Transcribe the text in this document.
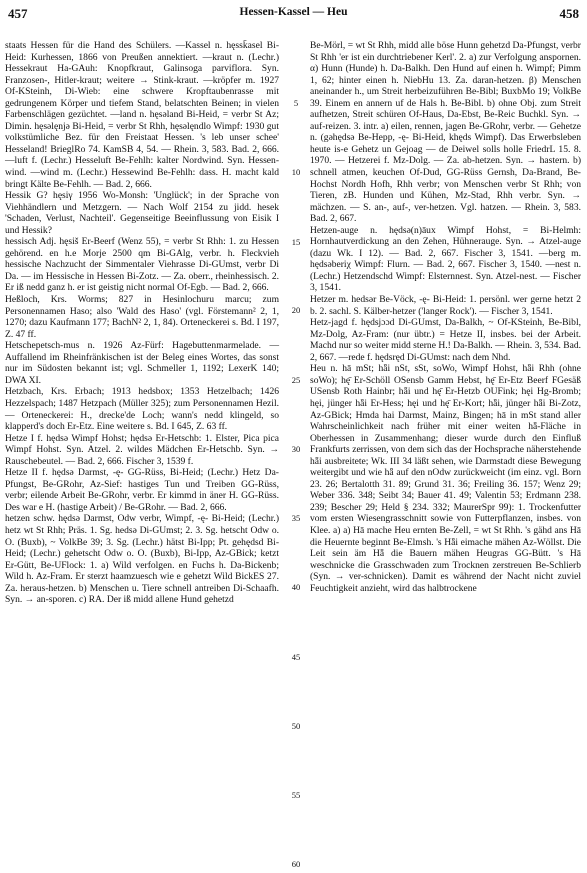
457	Hessen-Kassel — Heu	458

staats Hessen für die Hand des Schülers. —Kassel n. hęssk̄asel Bi-Heid: Kurhessen, 1866 von Preußen annektiert. —kraut n. (Lechr.) Hessekraut Ha-GAuh: Knopfkraut, Galinsoga parviflora. Syn. Franzosen-, Hitler-kraut; weitere → Stink-kraut. —kröpfer m. 1927 Of-KSteinh, Di-Wieb: eine schwere Kropftaubenrasse mit gedrungenem Körper und tiefem Stand, belatschten Beinen; in vielen Farbenschlägen gezüchtet. —land n. hęsəland Bi-Heid, = verbr St Az; Dimin. hęsəlęnjə Bi-Heid, = verbr St Rhh, hęsəlęndlo Wimpf: 1930 gut volkstümliche Bez. für den Freistaat Hessen. 's leb unser schee' Hesseland! BrieglRo 74. KamSB 4, 54. — Rhein. 3, 583. Bad. 2, 666. —luft f. (Lechr.) Hesseluft Be-Fehlh: kalter Nordwind. Syn. Hessen-wind. —wind m. (Lechr.) Hessewind Be-Fehlh: dass. H. macht kald bringt Kälte Be-Fehlh. — Bad. 2, 666.

Hessik G? hęsiγ 1956 Wo-Monsh: 'Unglück'; in der Sprache von Viehhändlern und Metzgern. — Nach Wolf 2154 zu jidd. hesek 'Schaden, Verlust, Nachteil'. Gegenseitige Beeinflussung von Eisik I und Hessik?

hessisch Adj. hęsiš Er-Beerf (Wenz 55), = verbr St Rhh: 1. zu Hessen gehörend. en h.e Morje 2500 qm Bi-GAlg, verbr. h. Fleckvieh hessische Nachzucht der Simmentaler Viehrasse Di-GUmst, verbr Di Da. — im Hessische in Hessen Bi-Zotz. — Za. oberr., rheinhessisch. 2. Er iß nedd ganz h. er ist geistig nicht normal Of-Egb. — Bad. 2, 666.

Heßloch, Krs. Worms; 827 in Hesinlochuru marcu; zum Personennamen Haso; also 'Wald des Haso' (vgl. Förstemann² 2, 1, 1270; dazu Kaufmann 177; BachN² 2, 1, 84). Orteneckerei s. Bd. I 197, Z. 47 ff.

Hetschepetsch-mus n. 1926 Az-Fürf: Hagebuttenmarmelade. — Auffallend im Rheinfränkischen ist der Beleg eines Wortes, das sonst nur im Südosten bekannt ist; vgl. Schmeller 1, 1192; LexerK 140; DWA XI.

Hetzbach, Krs. Erbach; 1913 hedsbox; 1353 Hetzelbach; 1426 Hezzelspach; 1487 Hetzpach (Müller 325); zum Personennamen Hezil. — Orteneckerei: H., drecke'de Loch; wann's nedd klingeld, so klapperd's doch Er-Etz. Eine weitere s. Bd. I 645, Z. 63 ff.

Hetze I f. hędsə Wimpf Hohst; hędsə Er-Hetschb: 1. Elster, Pica pica Wimpf Hohst. Syn. Atzel. 2. wildes Mädchen Er-Hetschb. Syn. → Rauschebeutel. — Bad. 2, 666. Fischer 3, 1539 f.

Hetze II f. hędsə Darmst, -ę- GG-Rüss, Bi-Heid; (Lechr.) Hetz Da-Pfungst, Be-GRohr, Az-Sief: hastiges Tun und Treiben GG-Rüss, verbr; eilende Arbeit Be-GRohr, verbr. Er kimmd in äner H. GG-Rüss. Des war e H. (hastige Arbeit) / Be-GRohr. — Bad. 2, 666.

hetzen schw. hędsə Darmst, Odw verbr, Wimpf, -ę- Bi-Heid; (Lechr.) hetz wt St Rhh; Präs. 1. Sg. hedsə Di-GUmst; 2. 3. Sg. hetscht Odw o. O. (Buxb), ~ VolkBe 39; 3. Sg. (Lechr.) hätst Bi-Ipp; Pt. gehędsd Bi-Heid; (Lechr.) gehetscht Odw o. O. (Buxb), Bi-Ipp, Az-GBick; ketzt Er-Gütt, Be-UFlock: 1. a) Wild verfolgen. en Fuchs h. Da-Bickenb; Wild h. Az-Fram. Er sterzt haamzuesch wie e gehetzt Wild BickES 27. Za. heraus-hetzen. b) Menschen u. Tiere schnell antreiben Di-Schaafh. Syn. → an-sporen. c) RA. Der iß midd allene Hund gehetzd

5
10
15
20
25
30
35
40
45
50
55
60

Be-Mörl, = wt St Rhh, midd alle böse Hunn gehetzd Da-Pfungst, verbr St Rhh 'er ist ein durchtriebener Kerl'. 2. a) zur Verfolgung anspornen. α) Hunn (Hunde) h. Da-Balkh. Den Hund auf einen h. Wimpf; Pimm 1, 62; hinter einen h. NiebHu 13. Za. daran-hetzen. β) Menschen aneinander h., um Streit herbeizuführen Be-Bibl; BuxbMo 19; VolkBe 39. Einem en annern uf de Hals h. Be-Bibl. b) ohne Obj. zum Streit aufhetzen, Streit schüren Of-Haus, Da-Ebst, Be-Reic Buchkl. Syn. → auf-reizen. 3. intr. a) eilen, rennen, jagen Be-GRohr, verbr. — Gehetze n. (gəhędsə Be-Hepp, -ę- Bi-Heid, khęds Wimpf). Das Erwerbsleben heute is-e Gehetz un Gejoag — de Deiwel solls holle FriedrL 15. 8. 1970. — Hetzerei f. Mz-Dolg. — Za. ab-hetzen. Syn. → hastern. b) schnell atmen, keuchen Of-Dud, GG-Rüss Gernsh, Da-Brand, Be-Hochst Nordh Hofh, Rhh verbr; von Menschen verbr St Rhh; von Tieren, zB. Hunden und Kühen, Mz-Stad, Rhh verbr. Syn. → mächzen. — S. an-, auf-, ver-hetzen. Vgl. hatzen. — Rhein. 3, 583. Bad. 2, 667.

Hetzen-auge n. hędsə(n)āux Wimpf Hohst, = Bi-Helmh: Hornhautverdickung an den Zehen, Hühneraugе. Syn. → Atzel-auge (dazu Wk. I 12). — Bad. 2, 667. Fischer 3, 1541. —berg m. hędsəberiχ Wimpf: Flurn. — Bad. 2, 667. Fischer 3, 1540. —nest n. (Lechr.) Hetzendschd Wimpf: Elsternnest. Syn. Atzel-nest. — Fischer 3, 1541.

Hetzer m. hedsər Be-Vöck, -ę- Bi-Heid: 1. persönl. wer gerne hetzt 2 b. 2. sachl. S. Kälber-hetzer ('langer Rock'). — Fischer 3, 1541.

Hetz-jagd f. hędsjɔɔd Di-GUmst, Da-Balkh, ~ Of-KSteinh, Be-Bibl, Mz-Dolg, Az-Fram: (nur übtr.) = Hetze II, insbes. bei der Arbeit. Machd nur so weiter midd sterne H.! Da-Balkh. — Rhein. 3, 534. Bad. 2, 667. —rede f. hędsręd Di-GUmst: nach dem Nhd.

Heu n. hā mSt; hǟi nSt, sSt, soWo, Wimpf Hohst, hǟi Rhh (ohne soWo); hę̄ Er-Schöll OSensb Gamm Hebst, hę̄ Er-Etz Beerf FGesäß USensb Roth Hainbr; hǟi und hę̄ Er-Hetzb OUFink; hęi Hg-Bromb; hęi, jünger hǟi Er-Hess; hęi und hę̄ Er-Kort; hǟi, jünger hǟi Bi-Zotz, Az-GBick; Hmda hai Darmst, Mainz, Bingen; hā in mSt stand aller Wahrscheinlichkeit nach früher mit einer weiten hǟ-Fläche in Oberhessen in Zusammenhang; dieser wurde durch den Einfluß Frankfurts zerrissen, von dem sich das der Hochsprache näherstehende hǟi ausbreitete; Wk. III 34 läßt sehen, wie Darmstadt diese Bewegung weitergibt und wie hǟ auf den nOdw zurückweicht (im einz. vgl. Born 23. 26; Bertalotth 31. 89; Grund 31. 36; Freiling 36. 157; Wenz 29; Weber 336. 348; Seibt 34; Bauer 41. 49; Valentin 53; Erdmann 238. 239; Bescher 29; Held § 234. 332; MaurerSpr 99): 1. Trockenfutter vom ersten Wiesengrasschnitt sowie von Futterpflanzen, insbes. von Klee. a) a) Hā mache Heu ernten Be-Zell, = wt St Rhh. 's gähd ans Hā die Heuernte beginnt Be-Elmsh. 's Hǟi eimache mähen Az-Wöllst. Die Leit sein äm Hǟ die Bauern mähen Heugras GG-Bütt. 's Hā weschnicke die Grasschwaden zum Trocknen zerstreuen Be-Schlierb (Syn. → ver-schnicken). Damit es während der Nacht nicht zuviel Feuchtigkeit anzieht, wird das halbtrockene
